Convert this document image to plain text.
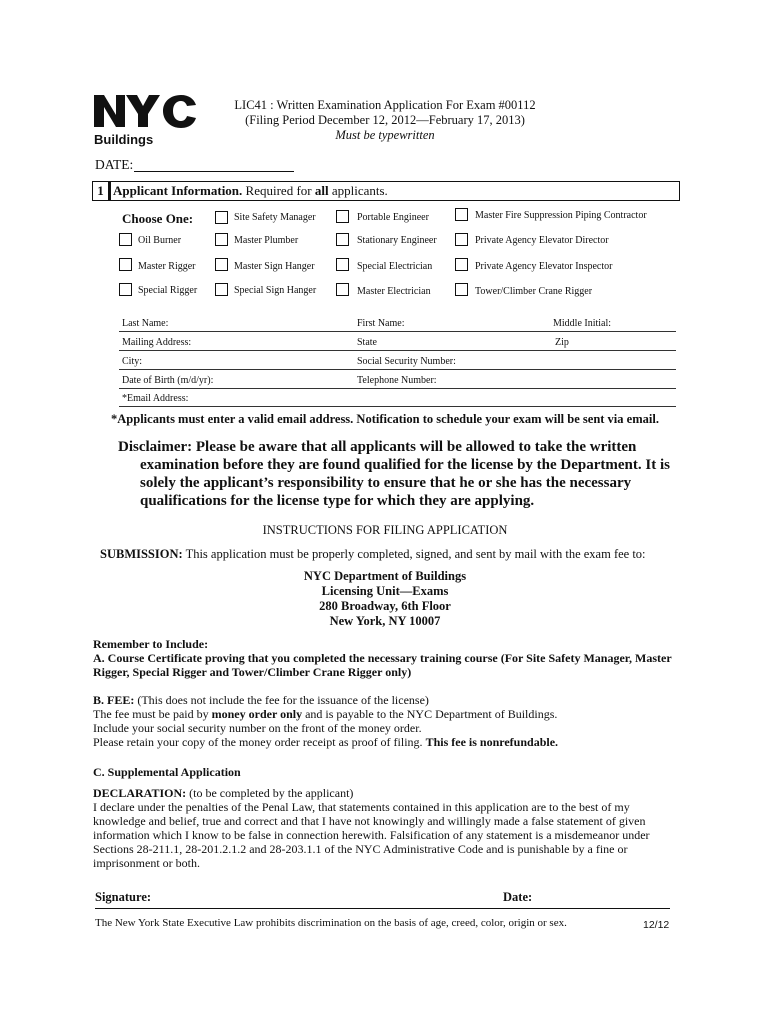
Buildings
LIC41 : Written Examination Application For Exam #00112
(Filing Period December 12, 2012—February 17, 2013)
Must be typewritten
DATE:
1 Applicant Information. Required for all applicants.
Choose One:	Site Safety Manager	Portable Engineer	Master Fire Suppression Piping Contractor
Oil Burner	Master Plumber	Stationary Engineer	Private Agency Elevator Director
Master Rigger	Master Sign Hanger	Special Electrician	Private Agency Elevator Inspector
Special Rigger	Special Sign Hanger	Master Electrician	Tower/Climber Crane Rigger
Last Name:	First Name:	Middle Initial:
Mailing Address:	State	Zip
City:	Social Security Number:
Date of Birth (m/d/yr):	Telephone Number:
*Email Address:
*Applicants must enter a valid email address. Notification to schedule your exam will be sent via email.

Disclaimer: Please be aware that all applicants will be allowed to take the written examination before they are found qualified for the license by the Department. It is solely the applicant’s responsibility to ensure that he or she has the necessary qualifications for the license type for which they are applying.

INSTRUCTIONS FOR FILING APPLICATION
SUBMISSION: This application must be properly completed, signed, and sent by mail with the exam fee to:
NYC Department of Buildings
Licensing Unit—Exams
280 Broadway, 6th Floor
New York, NY 10007
Remember to Include:
A. Course Certificate proving that you completed the necessary training course (For Site Safety Manager, Master Rigger, Special Rigger and Tower/Climber Crane Rigger only)
B. FEE: (This does not include the fee for the issuance of the license)
The fee must be paid by money order only and is payable to the NYC Department of Buildings.
Include your social security number on the front of the money order.
Please retain your copy of the money order receipt as proof of filing. This fee is nonrefundable.
C. Supplemental Application
DECLARATION: (to be completed by the applicant)
I declare under the penalties of the Penal Law, that statements contained in this application are to the best of my knowledge and belief, true and correct and that I have not knowingly and willingly made a false statement of given information which I know to be false in connection herewith. Falsification of any statement is a misdemeanor under Sections 28-211.1, 28-201.2.1.2 and 28-203.1.1 of the NYC Administrative Code and is punishable by a fine or imprisonment or both.
Signature:	Date:
The New York State Executive Law prohibits discrimination on the basis of age, creed, color, origin or sex.	12/12
